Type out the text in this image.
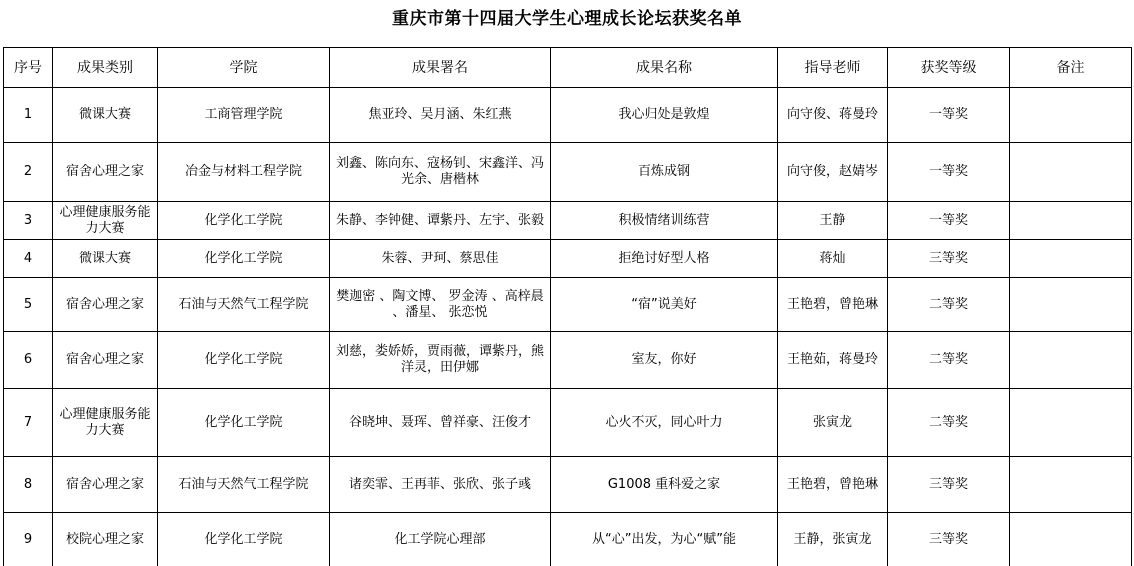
重庆市第十四届大学生心理成长论坛获奖名单
序号	成果类别	学院	成果署名	成果名称	指导老师	获奖等级	备注
1	微课大赛	工商管理学院	焦亚玲、吴月涵、朱红燕	我心归处是敦煌	向守俊、蒋曼玲	一等奖	
2	宿舍心理之家	冶金与材料工程学院	刘鑫、陈向东、寇杨钊、宋鑫洋、冯光余、唐楷林	百炼成钢	向守俊，赵婧岑	一等奖	
3	心理健康服务能力大赛	化学化工学院	朱静、李钟健、谭紫丹、左宇、张毅	积极情绪训练营	王静	一等奖	
4	微课大赛	化学化工学院	朱蓉、尹珂、蔡思佳	拒绝讨好型人格	蒋灿	三等奖	
5	宿舍心理之家	石油与天然气工程学院	樊迦密 、陶文博、 罗金涛 、高梓晨 、潘星、 张恋悦	“宿”说美好	王艳碧，曾艳琳	二等奖	
6	宿舍心理之家	化学化工学院	刘慈，娄娇娇，贾雨薇，谭紫丹，熊洋灵，田伊娜	室友，你好	王艳茹，蒋曼玲	二等奖	
7	心理健康服务能力大赛	化学化工学院	谷晓坤、聂珲、曾祥豪、汪俊才	心火不灭，同心叶力	张寅龙	二等奖	
8	宿舍心理之家	石油与天然气工程学院	诸奕霏、王再菲、张欣、张子彧	G1008 重科爱之家	王艳碧，曾艳琳	三等奖	
9	校院心理之家	化学化工学院	化工学院心理部	从“心”出发，为心“赋”能	王静，张寅龙	三等奖	
